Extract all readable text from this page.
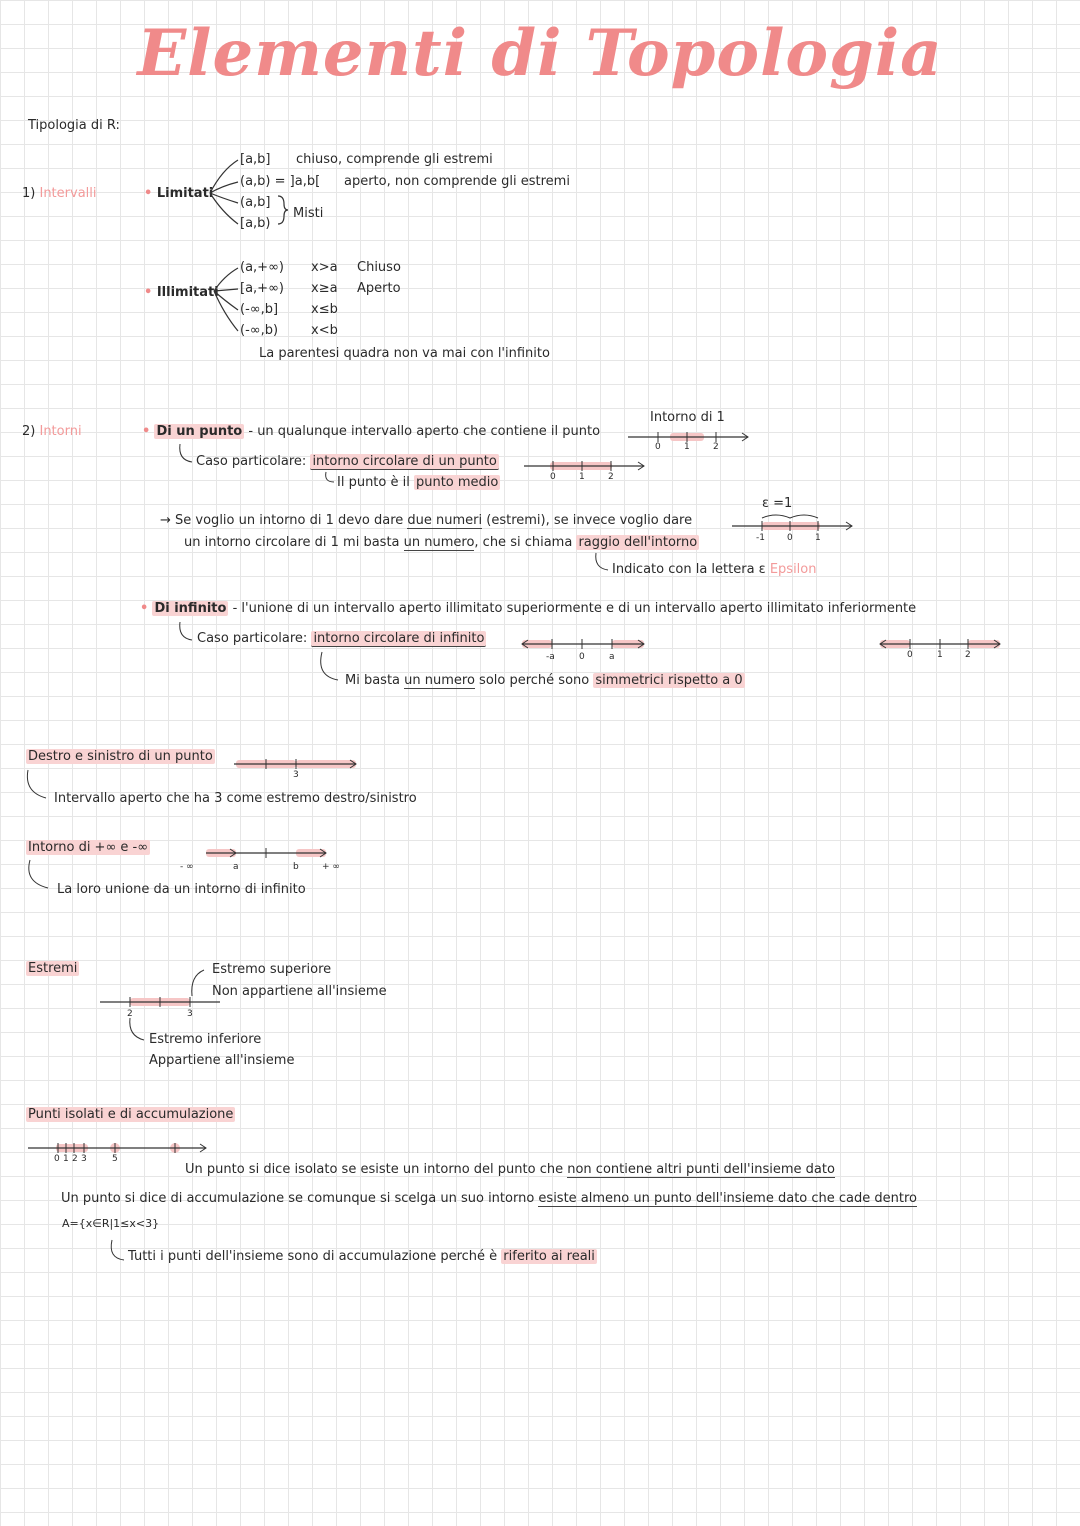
Elementi di Topologia
Tipologia di R:
1) Intervalli	• Limitati
[a,b] chiuso, comprende gli estremi
(a,b) = ]a,b[ aperto, non comprende gli estremi
(a,b]
[a,b)
Misti
• Illimitati
(a,+∞) x>a Chiuso
[a,+∞) x≥a Aperto
(-∞,b]	x≤b
(-∞,b)	x<b
La parentesi quadra non va mai con l'infinito
2) Intorni	• Di un punto - un qualunque intervallo aperto che contiene il punto
Caso particolare: intorno circolare di un punto
Il punto è il punto medio
Intorno di 1
0	1	2
0	1	2
→ Se voglio un intorno di 1 devo dare due numeri (estremi), se invece voglio dare
un intorno circolare di 1 mi basta un numero, che si chiama raggio dell'intorno
Indicato con la lettera ε Epsilon
ε =1
-1 0 1
• Di infinito - l'unione di un intervallo aperto illimitato superiormente e di un intervallo aperto illimitato inferiormente
Caso particolare: intorno circolare di infinito
Mi basta un numero solo perché sono simmetrici rispetto a 0
-a	0	a	0	1 2
Destro e sinistro di un punto
3
Intervallo aperto che ha 3 come estremo destro/sinistro
Intorno di +∞ e -∞
- ∞	a	b	+ ∞
La loro unione da un intorno di infinito
Estremi
2	3
Estremo superiore
Non appartiene all'insieme
Estremo inferiore
Appartiene all'insieme
Punti isolati e di accumulazione
0 1 2 3	5
Un punto si dice isolato se esiste un intorno del punto che non contiene altri punti dell'insieme dato
Un punto si dice di accumulazione se comunque si scelga un suo intorno esiste almeno un punto dell'insieme dato che cade dentro
A={x∈R|1≤x<3}
Tutti i punti dell'insieme sono di accumulazione perché è riferito ai reali
